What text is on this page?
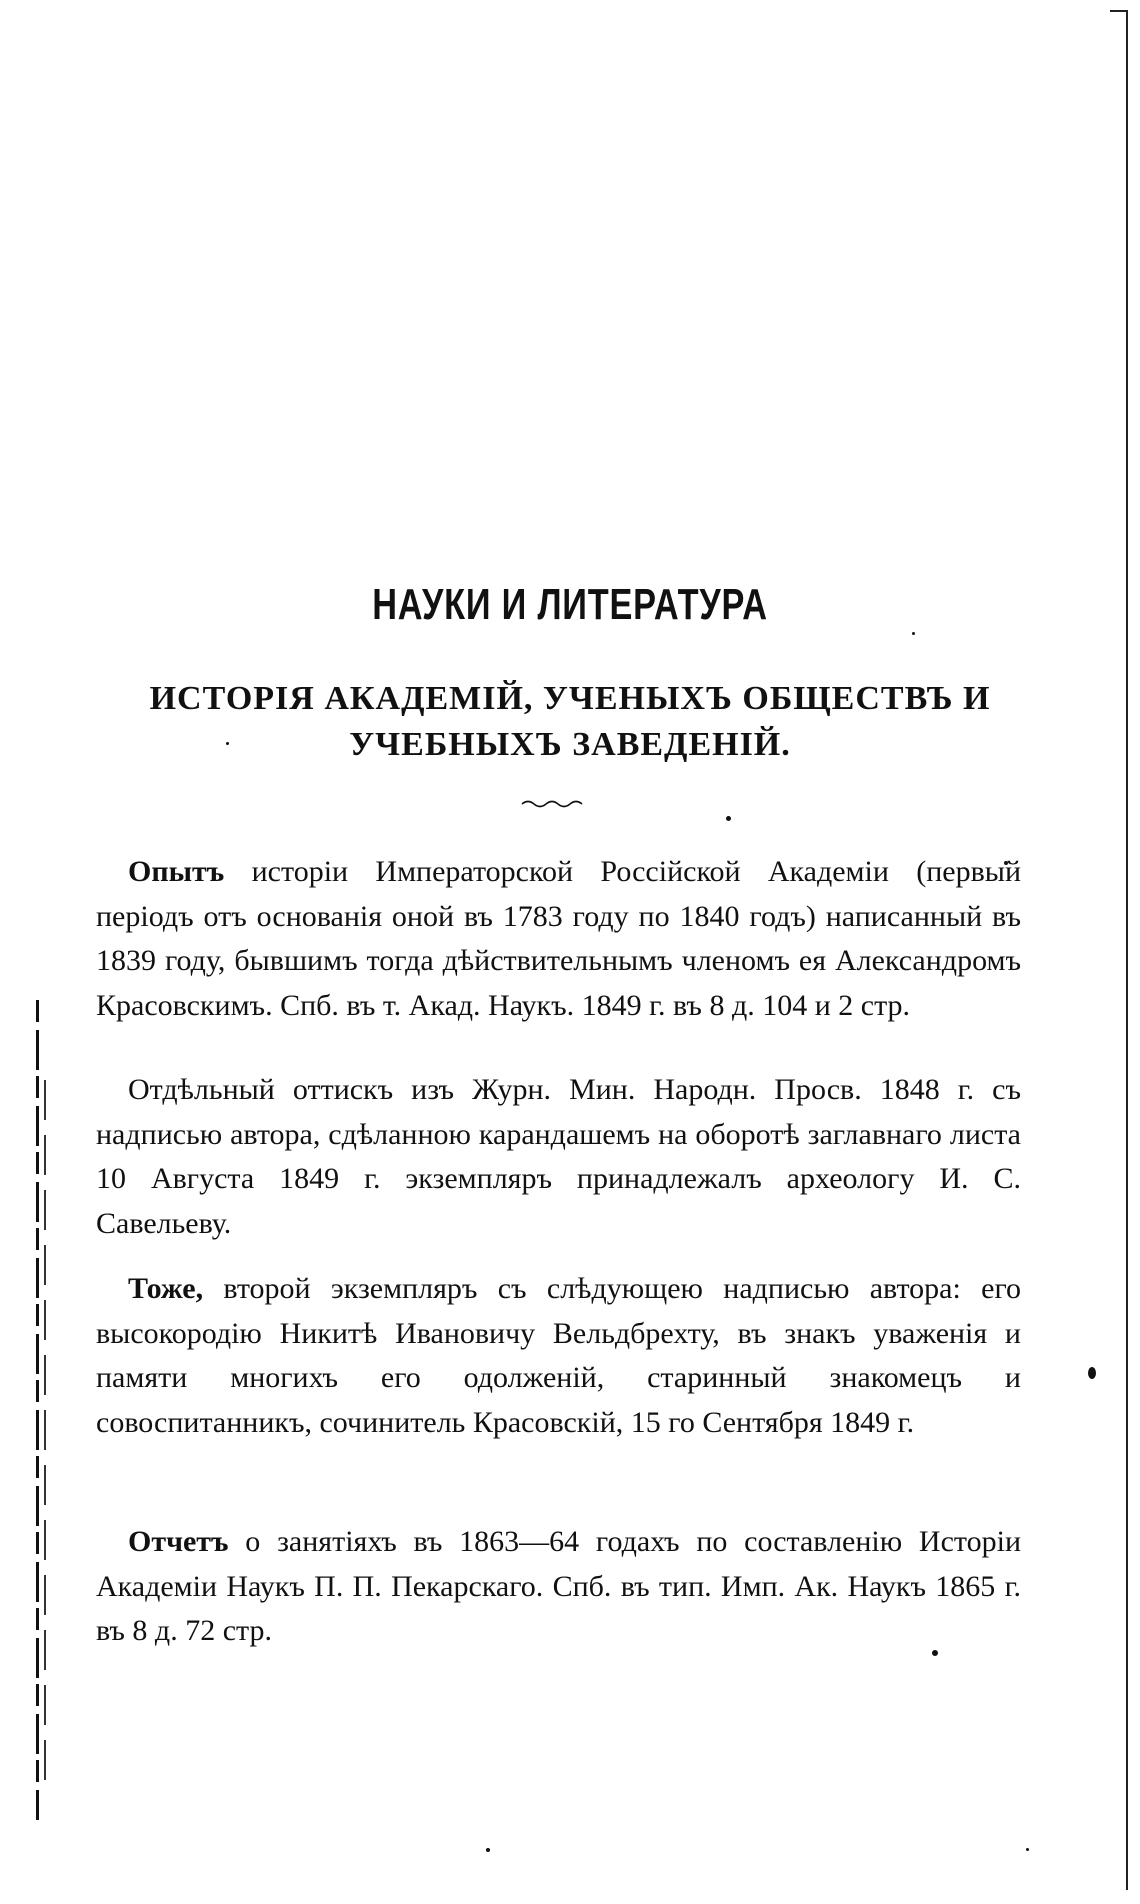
НАУКИ И ЛИТЕРАТУРА
ИСТОРІЯ АКАДЕМІЙ, УЧЕНЫХЪ ОБЩЕСТВЪ И
УЧЕБНЫХЪ ЗАВЕДЕНІЙ.

Опытъ исторіи Императорской Россійской Академіи (первый періодъ отъ основанія оной въ 1783 году по 1840 годъ) написанный въ 1839 году, бывшимъ тогда дѣйствительнымъ членомъ ея Александромъ Красовскимъ. Спб. въ т. Акад. Наукъ. 1849 г. въ 8 д. 104 и 2 стр.

Отдѣльный оттискъ изъ Журн. Мин. Народн. Просв. 1848 г. съ надписью автора, сдѣланною карандашемъ на оборотѣ заглавнаго листа 10 Августа 1849 г. экземпляръ принадлежалъ археологу И. С. Савельеву.

Тоже, второй экземпляръ съ слѣдующею надписью автора: его высокородію Никитѣ Ивановичу Вельдбрехту, въ знакъ уваженія и памяти многихъ его одолженій, старинный знакомецъ и совоспитанникъ, сочинитель Красовскій, 15 го Сентября 1849 г.

Отчетъ о занятіяхъ въ 1863—64 годахъ по составленію Исторіи Академіи Наукъ П. П. Пекарскаго. Спб. въ тип. Имп. Ак. Наукъ 1865 г. въ 8 д. 72 стр.
